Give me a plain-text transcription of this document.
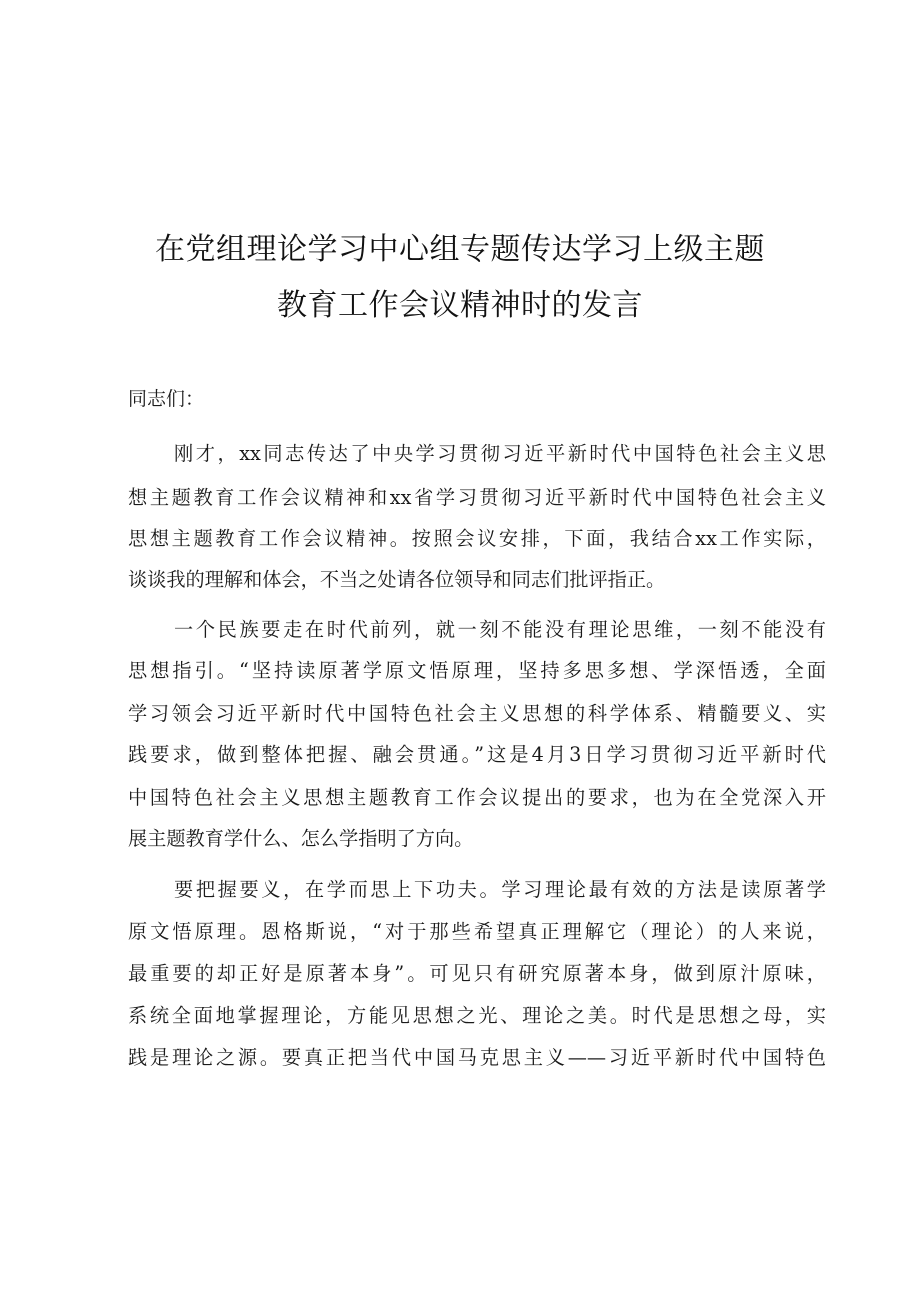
在党组理论学习中心组专题传达学习上级主题
教育工作会议精神时的发言
同志们：
刚才，xx同志传达了中央学习贯彻习近平新时代中国特色社会主义思
想主题教育工作会议精神和xx省学习贯彻习近平新时代中国特色社会主义
思想主题教育工作会议精神。按照会议安排，下面，我结合xx工作实际，
谈谈我的理解和体会，不当之处请各位领导和同志们批评指正。
一个民族要走在时代前列，就一刻不能没有理论思维，一刻不能没有
思想指引。“坚持读原著学原文悟原理，坚持多思多想、学深悟透，全面
学习领会习近平新时代中国特色社会主义思想的科学体系、精髓要义、实
践要求，做到整体把握、融会贯通。”这是4月3日学习贯彻习近平新时代
中国特色社会主义思想主题教育工作会议提出的要求，也为在全党深入开
展主题教育学什么、怎么学指明了方向。
要把握要义，在学而思上下功夫。学习理论最有效的方法是读原著学
原文悟原理。恩格斯说，“对于那些希望真正理解它（理论）的人来说，
最重要的却正好是原著本身”。可见只有研究原著本身，做到原汁原味，
系统全面地掌握理论，方能见思想之光、理论之美。时代是思想之母，实
践是理论之源。要真正把当代中国马克思主义——习近平新时代中国特色
